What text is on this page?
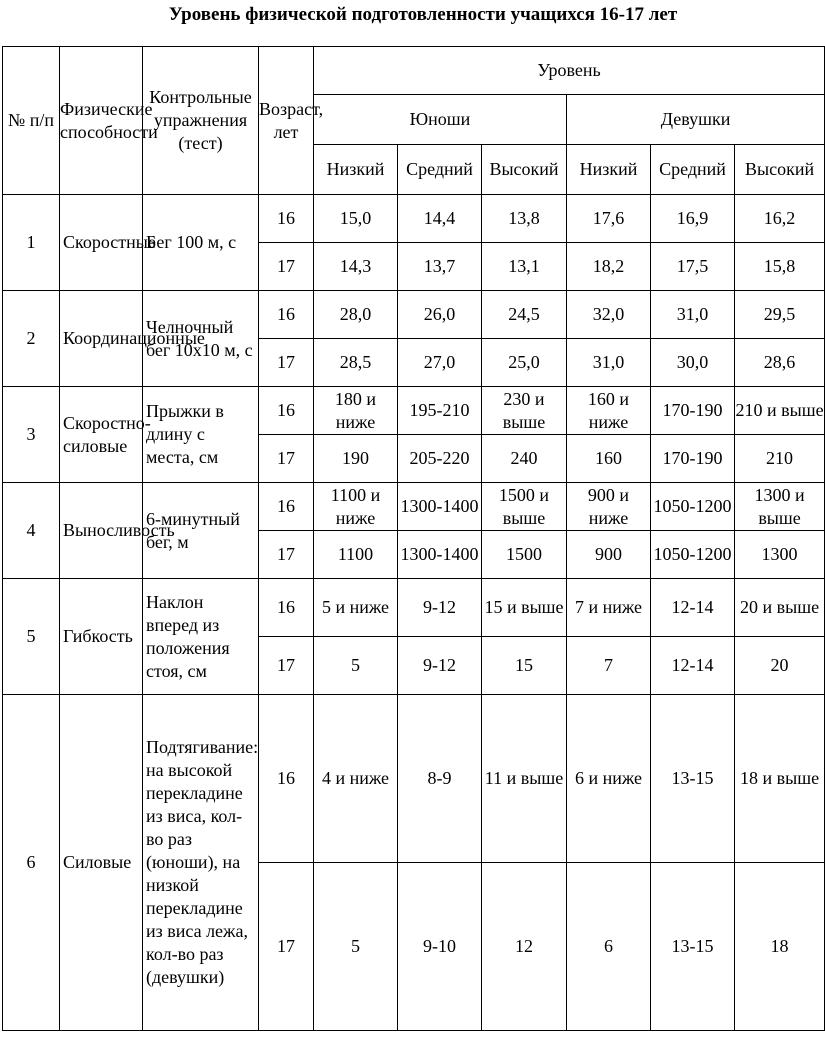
Уровень физической подготовленности учащихся 16-17 лет
№ п/п	Физические способности	Контрольные упражнения (тест)	Возраст, лет	Уровень					
				Юноши			Девушки		
				Низкий	Средний	Высокий	Низкий	Средний	Высокий
1	Скоростные	Бег 100 м, с	16	15,0	14,4	13,8	17,6	16,9	16,2
			17	14,3	13,7	13,1	18,2	17,5	15,8
2	Координационные	Челночный бег 10х10 м, с	16	28,0	26,0	24,5	32,0	31,0	29,5
			17	28,5	27,0	25,0	31,0	30,0	28,6
3	Скоростно-силовые	Прыжки в длину с места, см	16	180 и ниже	195-210	230 и выше	160 и ниже	170-190	210 и выше
			17	190	205-220	240	160	170-190	210
4	Выносливость	6-минутный бег, м	16	1100 и ниже	1300-1400	1500 и выше	900 и ниже	1050-1200	1300 и выше
			17	1100	1300-1400	1500	900	1050-1200	1300
5	Гибкость	Наклон вперед из положения стоя, см	16	5 и ниже	9-12	15 и выше	7 и ниже	12-14	20 и выше
			17	5	9-12	15	7	12-14	20
6	Силовые	Подтягивание: на высокой перекладине из виса, кол-во раз (юноши), на низкой перекладине из виса лежа, кол-во раз (девушки)	16	4 и ниже	8-9	11 и выше	6 и ниже	13-15	18 и выше
			17	5	9-10	12	6	13-15	18
